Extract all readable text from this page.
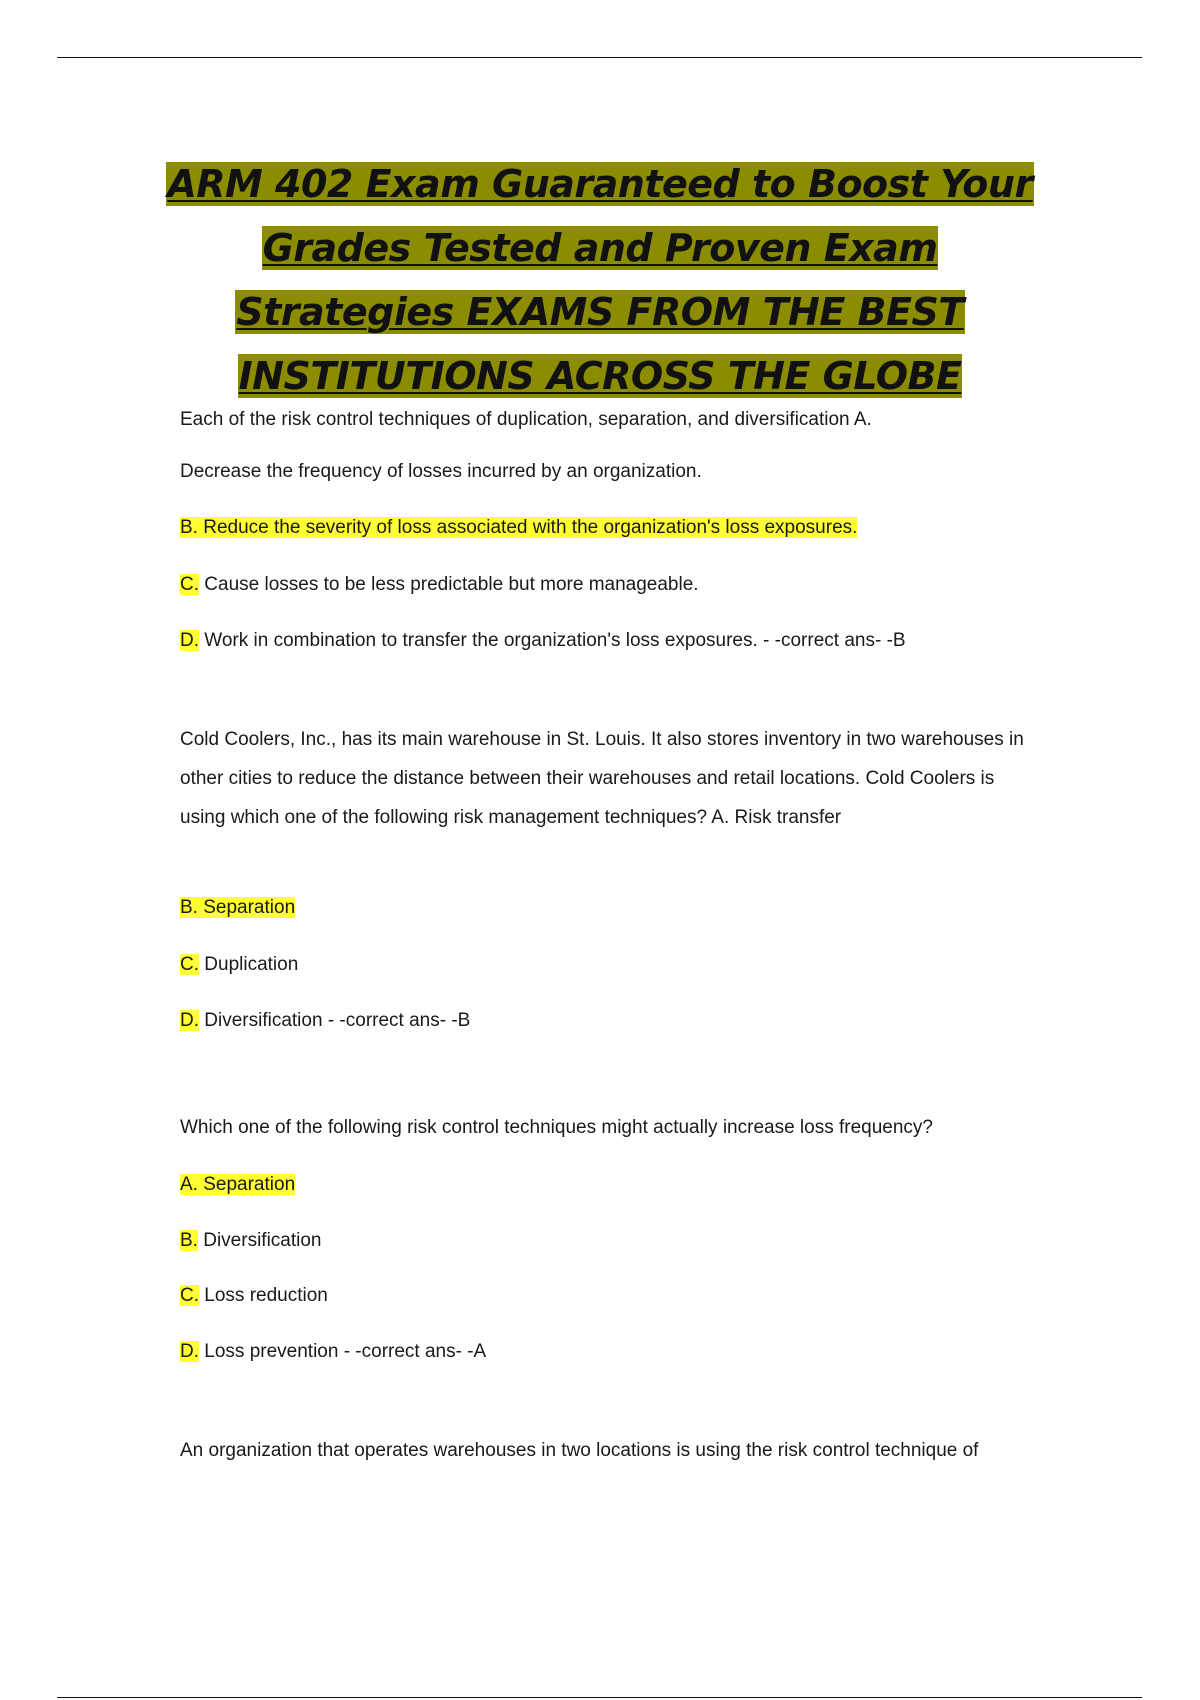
ARM 402 Exam Guaranteed to Boost Your
Grades Tested and Proven Exam
Strategies EXAMS FROM THE BEST
INSTITUTIONS ACROSS THE GLOBE

Each of the risk control techniques of duplication, separation, and diversification A.

Decrease the frequency of losses incurred by an organization.

B. Reduce the severity of loss associated with the organization's loss exposures.

C. Cause losses to be less predictable but more manageable.

D. Work in combination to transfer the organization's loss exposures. - -correct ans- -B

Cold Coolers, Inc., has its main warehouse in St. Louis. It also stores inventory in two warehouses in other cities to reduce the distance between their warehouses and retail locations. Cold Coolers is using which one of the following risk management techniques? A. Risk transfer

B. Separation

C. Duplication

D. Diversification - -correct ans- -B

Which one of the following risk control techniques might actually increase loss frequency?

A. Separation

B. Diversification

C. Loss reduction

D. Loss prevention - -correct ans- -A

An organization that operates warehouses in two locations is using the risk control technique of
